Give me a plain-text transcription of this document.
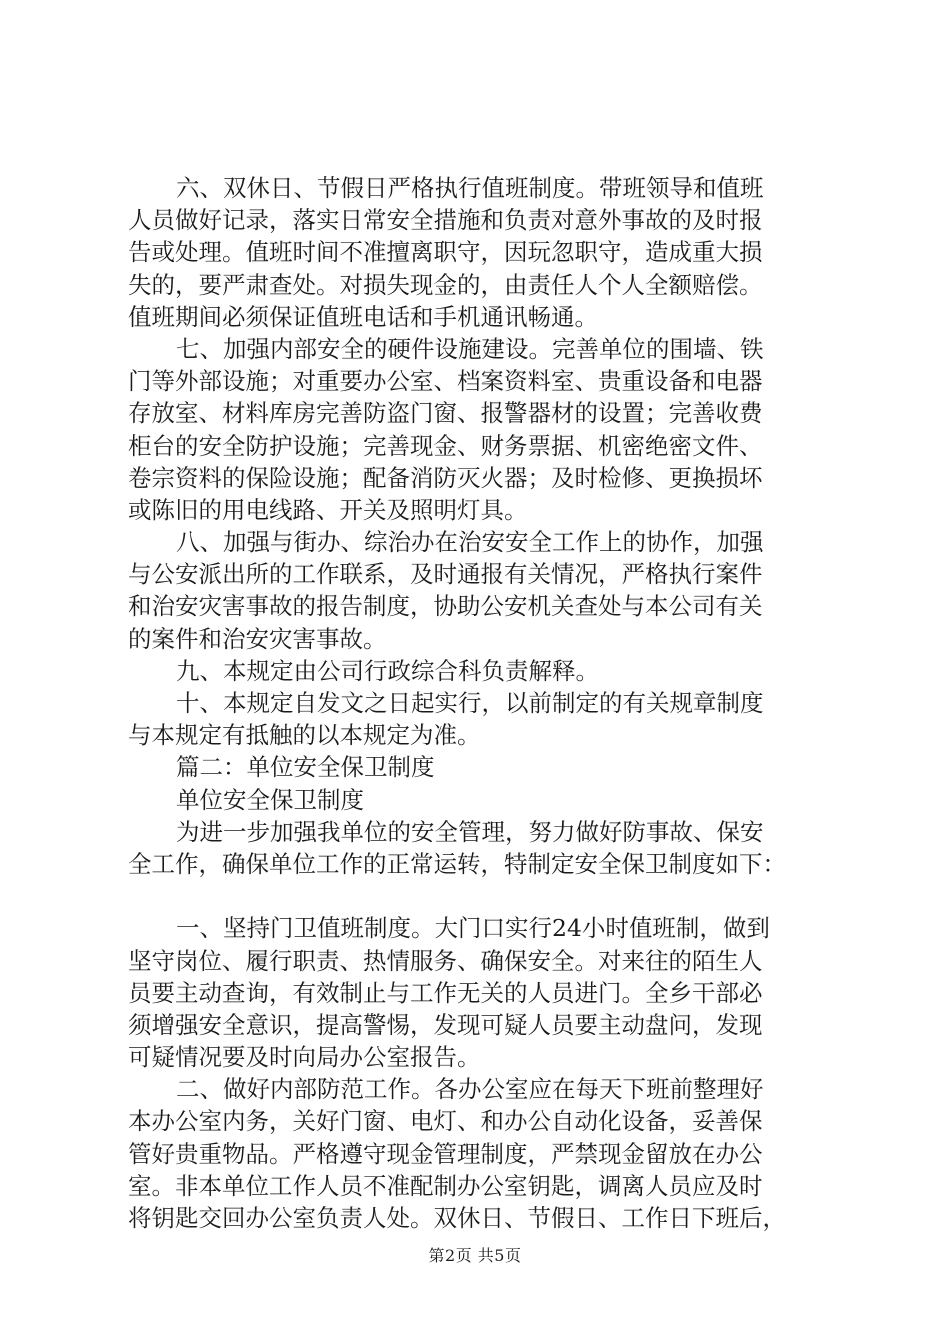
六、双休日、节假日严格执行值班制度。带班领导和值班
人员做好记录，落实日常安全措施和负责对意外事故的及时报
告或处理。值班时间不准擅离职守，因玩忽职守，造成重大损
失的，要严肃查处。对损失现金的，由责任人个人全额赔偿。
值班期间必须保证值班电话和手机通讯畅通。
七、加强内部安全的硬件设施建设。完善单位的围墙、铁
门等外部设施；对重要办公室、档案资料室、贵重设备和电器
存放室、材料库房完善防盗门窗、报警器材的设置；完善收费
柜台的安全防护设施；完善现金、财务票据、机密绝密文件、
卷宗资料的保险设施；配备消防灭火器；及时检修、更换损坏
或陈旧的用电线路、开关及照明灯具。
八、加强与街办、综治办在治安安全工作上的协作，加强
与公安派出所的工作联系，及时通报有关情况，严格执行案件
和治安灾害事故的报告制度，协助公安机关查处与本公司有关
的案件和治安灾害事故。
九、本规定由公司行政综合科负责解释。
十、本规定自发文之日起实行，以前制定的有关规章制度
与本规定有抵触的以本规定为准。
篇二：单位安全保卫制度
单位安全保卫制度
为进一步加强我单位的安全管理，努力做好防事故、保安
全工作，确保单位工作的正常运转，特制定安全保卫制度如下：
一、坚持门卫值班制度。大门口实行24小时值班制，做到
坚守岗位、履行职责、热情服务、确保安全。对来往的陌生人
员要主动查询，有效制止与工作无关的人员进门。全乡干部必
须增强安全意识，提高警惕，发现可疑人员要主动盘问，发现
可疑情况要及时向局办公室报告。
二、做好内部防范工作。各办公室应在每天下班前整理好
本办公室内务，关好门窗、电灯、和办公自动化设备，妥善保
管好贵重物品。严格遵守现金管理制度，严禁现金留放在办公
室。非本单位工作人员不准配制办公室钥匙，调离人员应及时
将钥匙交回办公室负责人处。双休日、节假日、工作日下班后，
第2页 共5页
